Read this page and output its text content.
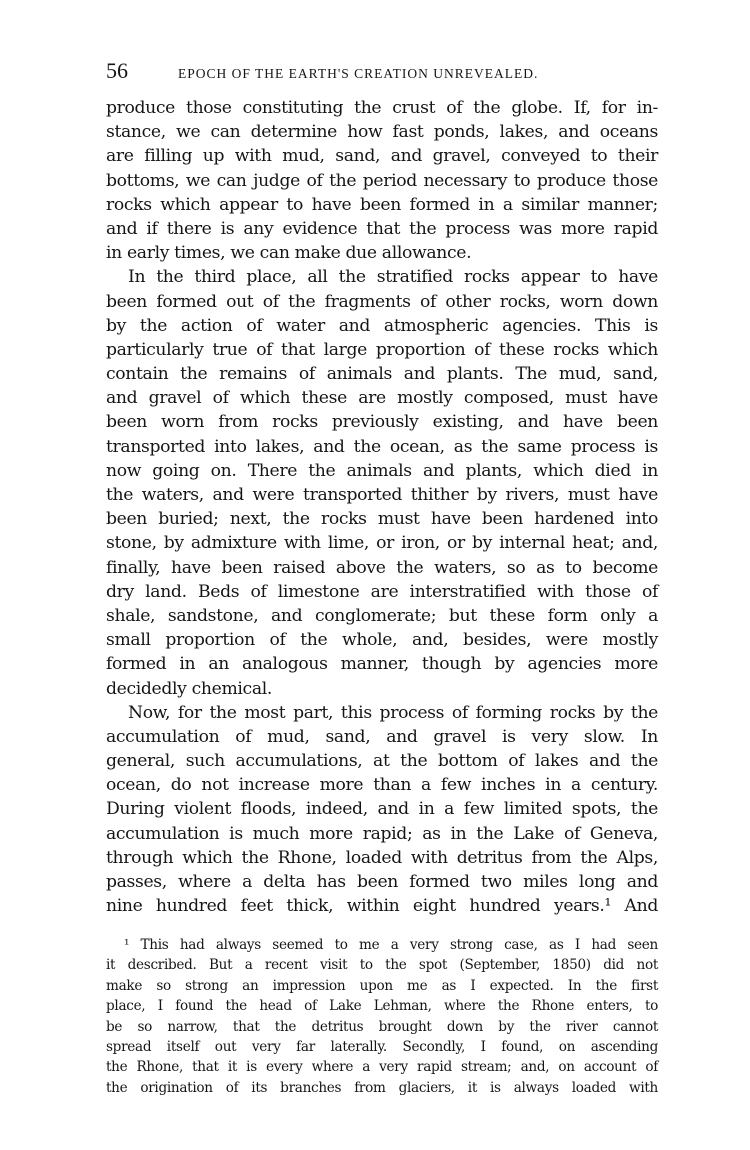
56	EPOCH OF THE EARTH'S CREATION UNREVEALED.
produce those constituting the crust of the globe. If, for in-
stance, we can determine how fast ponds, lakes, and oceans
are filling up with mud, sand, and gravel, conveyed to their
bottoms, we can judge of the period necessary to produce those
rocks which appear to have been formed in a similar manner;
and if there is any evidence that the process was more rapid
in early times, we can make due allowance.
In the third place, all the stratified rocks appear to have
been formed out of the fragments of other rocks, worn down
by the action of water and atmospheric agencies. This is
particularly true of that large proportion of these rocks which
contain the remains of animals and plants. The mud, sand,
and gravel of which these are mostly composed, must have
been worn from rocks previously existing, and have been
transported into lakes, and the ocean, as the same process is
now going on. There the animals and plants, which died in
the waters, and were transported thither by rivers, must have
been buried; next, the rocks must have been hardened into
stone, by admixture with lime, or iron, or by internal heat; and,
finally, have been raised above the waters, so as to become
dry land. Beds of limestone are interstratified with those of
shale, sandstone, and conglomerate; but these form only a
small proportion of the whole, and, besides, were mostly
formed in an analogous manner, though by agencies more
decidedly chemical.
Now, for the most part, this process of forming rocks by the
accumulation of mud, sand, and gravel is very slow. In
general, such accumulations, at the bottom of lakes and the
ocean, do not increase more than a few inches in a century.
During violent floods, indeed, and in a few limited spots, the
accumulation is much more rapid; as in the Lake of Geneva,
through which the Rhone, loaded with detritus from the Alps,
passes, where a delta has been formed two miles long and
nine hundred feet thick, within eight hundred years.¹ And
¹ This had always seemed to me a very strong case, as I had seen
it described. But a recent visit to the spot (September, 1850) did not
make so strong an impression upon me as I expected. In the first
place, I found the head of Lake Lehman, where the Rhone enters, to
be so narrow, that the detritus brought down by the river cannot
spread itself out very far laterally. Secondly, I found, on ascending
the Rhone, that it is every where a very rapid stream; and, on account of
the origination of its branches from glaciers, it is always loaded with
